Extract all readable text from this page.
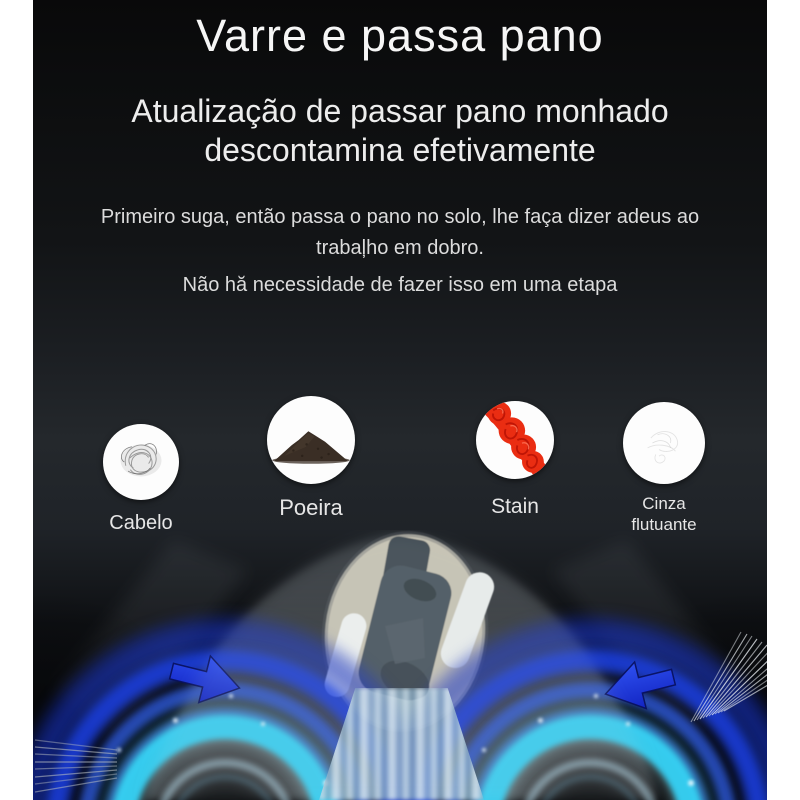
Varre e passa pano
Atualização de passar pano monhado
descontamina efetivamente
Primeiro suga, então passa o pano no solo, lhe faça dizer adeus ao
trabaļho em dobro.
Não hă necessidade de fazer isso em uma etapa
Cabelo
Poeira	Stain	Cinza flutuante
